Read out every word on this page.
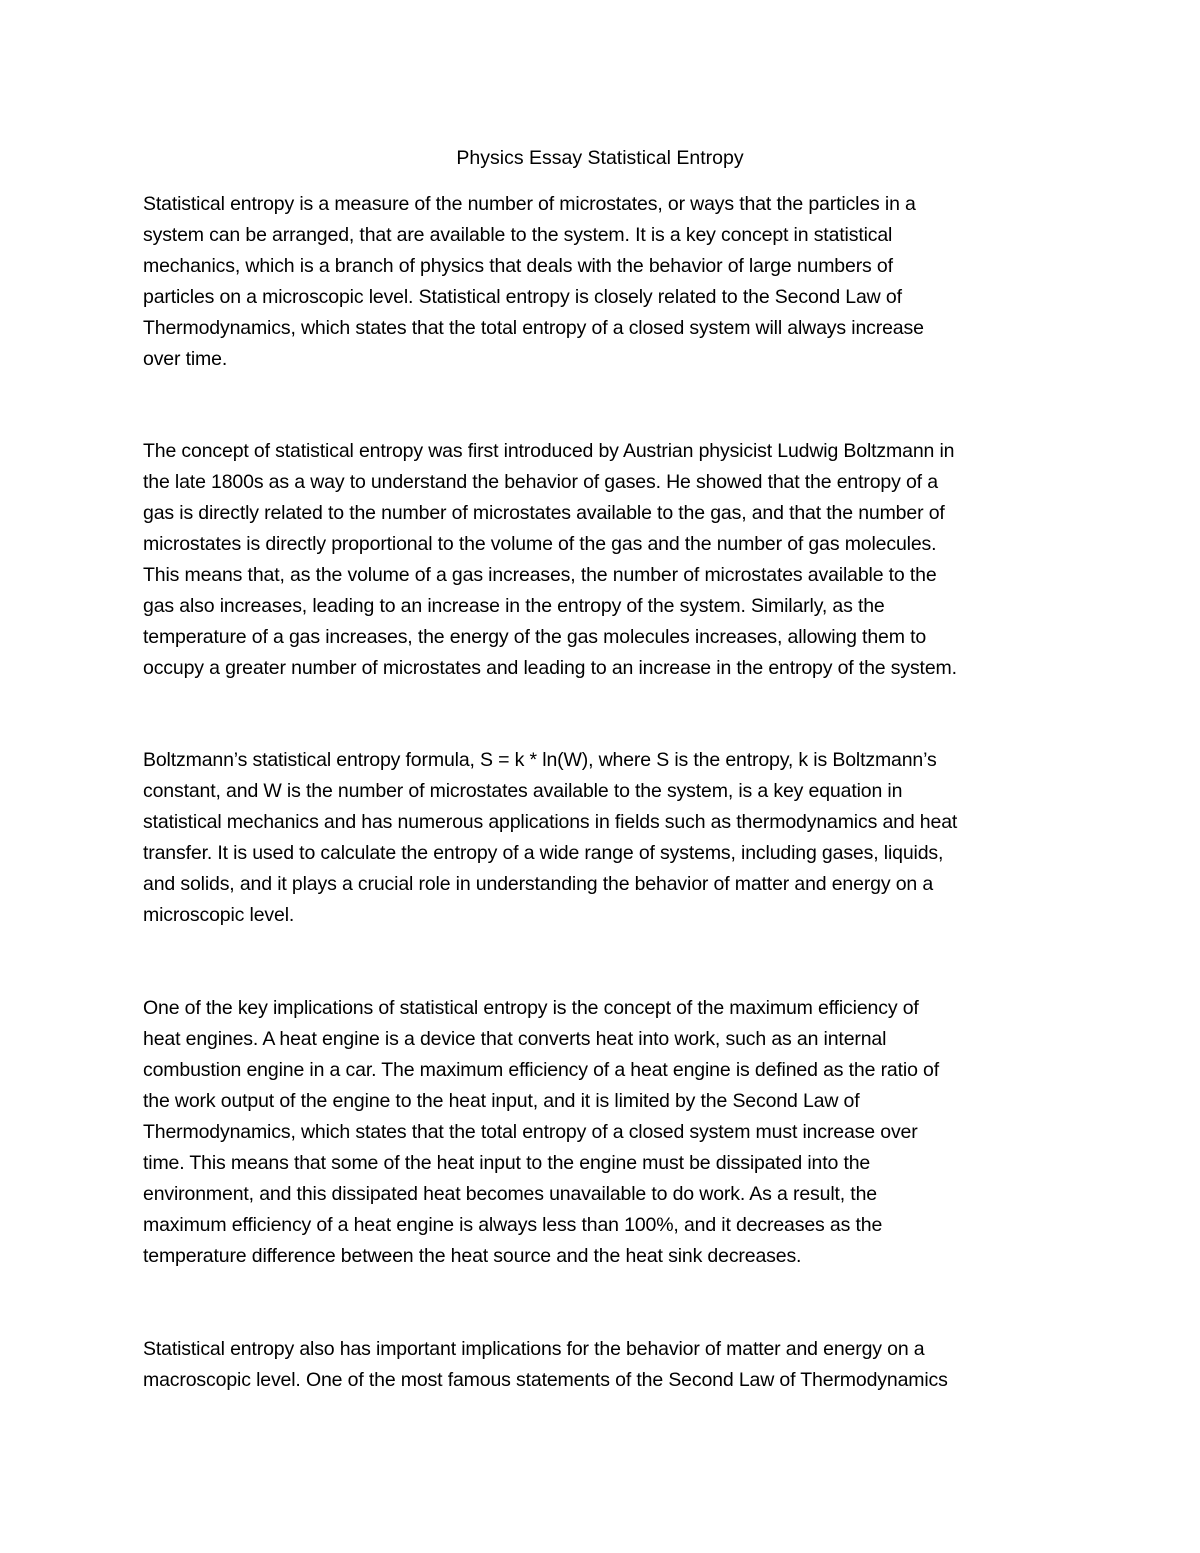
Physics Essay Statistical Entropy

Statistical entropy is a measure of the number of microstates, or ways that the particles in a
system can be arranged, that are available to the system. It is a key concept in statistical
mechanics, which is a branch of physics that deals with the behavior of large numbers of
particles on a microscopic level. Statistical entropy is closely related to the Second Law of
Thermodynamics, which states that the total entropy of a closed system will always increase
over time.

The concept of statistical entropy was first introduced by Austrian physicist Ludwig Boltzmann in
the late 1800s as a way to understand the behavior of gases. He showed that the entropy of a
gas is directly related to the number of microstates available to the gas, and that the number of
microstates is directly proportional to the volume of the gas and the number of gas molecules.
This means that, as the volume of a gas increases, the number of microstates available to the
gas also increases, leading to an increase in the entropy of the system. Similarly, as the
temperature of a gas increases, the energy of the gas molecules increases, allowing them to
occupy a greater number of microstates and leading to an increase in the entropy of the system.

Boltzmann’s statistical entropy formula, S = k * ln(W), where S is the entropy, k is Boltzmann’s
constant, and W is the number of microstates available to the system, is a key equation in
statistical mechanics and has numerous applications in fields such as thermodynamics and heat
transfer. It is used to calculate the entropy of a wide range of systems, including gases, liquids,
and solids, and it plays a crucial role in understanding the behavior of matter and energy on a
microscopic level.

One of the key implications of statistical entropy is the concept of the maximum efficiency of
heat engines. A heat engine is a device that converts heat into work, such as an internal
combustion engine in a car. The maximum efficiency of a heat engine is defined as the ratio of
the work output of the engine to the heat input, and it is limited by the Second Law of
Thermodynamics, which states that the total entropy of a closed system must increase over
time. This means that some of the heat input to the engine must be dissipated into the
environment, and this dissipated heat becomes unavailable to do work. As a result, the
maximum efficiency of a heat engine is always less than 100%, and it decreases as the
temperature difference between the heat source and the heat sink decreases.

Statistical entropy also has important implications for the behavior of matter and energy on a
macroscopic level. One of the most famous statements of the Second Law of Thermodynamics
